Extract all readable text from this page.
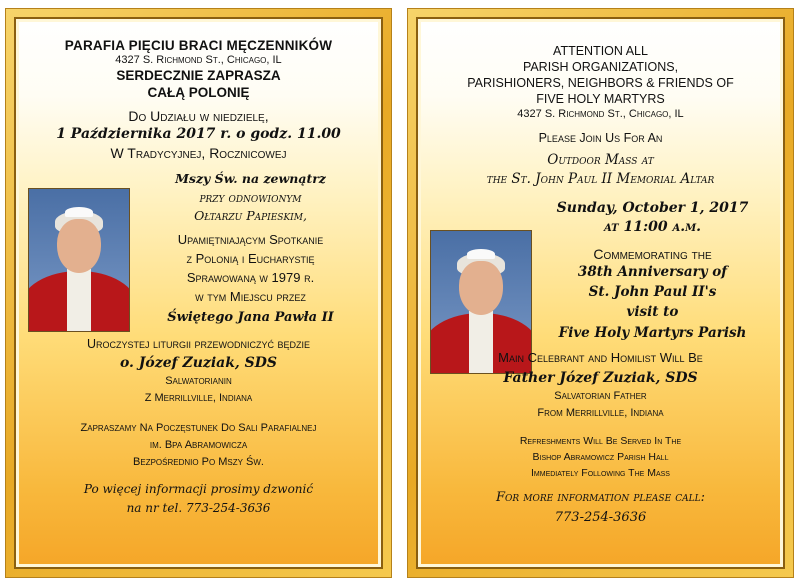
PARAFIA PIĘCIU BRACI MĘCZENNIKÓW
4327 S. Richmond St., Chicago, IL
SERDECZNIE ZAPRASZA
CAŁĄ POLONIĘ
Do Udziału w niedzielę,
1 Października 2017 r. o godz. 11.00
W Tradycyjnej, Rocznicowej
Mszy Św. na zewnątrz
przy odnowionym
Ołtarzu Papieskim,
Upamiętniającym Spotkanie
z Polonią i Eucharystię
Sprawowaną w 1979 r.
w tym Miejscu przez
Świętego Jana Pawła II
Uroczystej liturgii przewodniczyć będzie
o. Józef Zuziak, SDS
Salwatorianin
Z Merrillville, Indiana
Zapraszamy Na Poczęstunek Do Sali Parafialnej
im. Bpa Abramowicza
Bezpośrednio Po Mszy Św.
Po więcej informacji prosimy dzwonić
na nr tel. 773-254-3636
ATTENTION ALL
PARISH ORGANIZATIONS,
PARISHIONERS, NEIGHBORS & FRIENDS OF
FIVE HOLY MARTYRS
4327 S. Richmond St., Chicago, IL
Please Join Us For An
Outdoor Mass at
the St. John Paul II Memorial Altar
Sunday, October 1, 2017
at 11:00 a.m.
Commemorating the
38th Anniversary of
St. John Paul II's
visit to
Five Holy Martyrs Parish
Main Celebrant and Homilist Will Be
Father Józef Zuziak, SDS
Salvatorian Father
From Merrillville, Indiana
Refreshments Will Be Served In The
Bishop Abramowicz Parish Hall
Immediately Following The Mass
For more information please call:
773-254-3636
